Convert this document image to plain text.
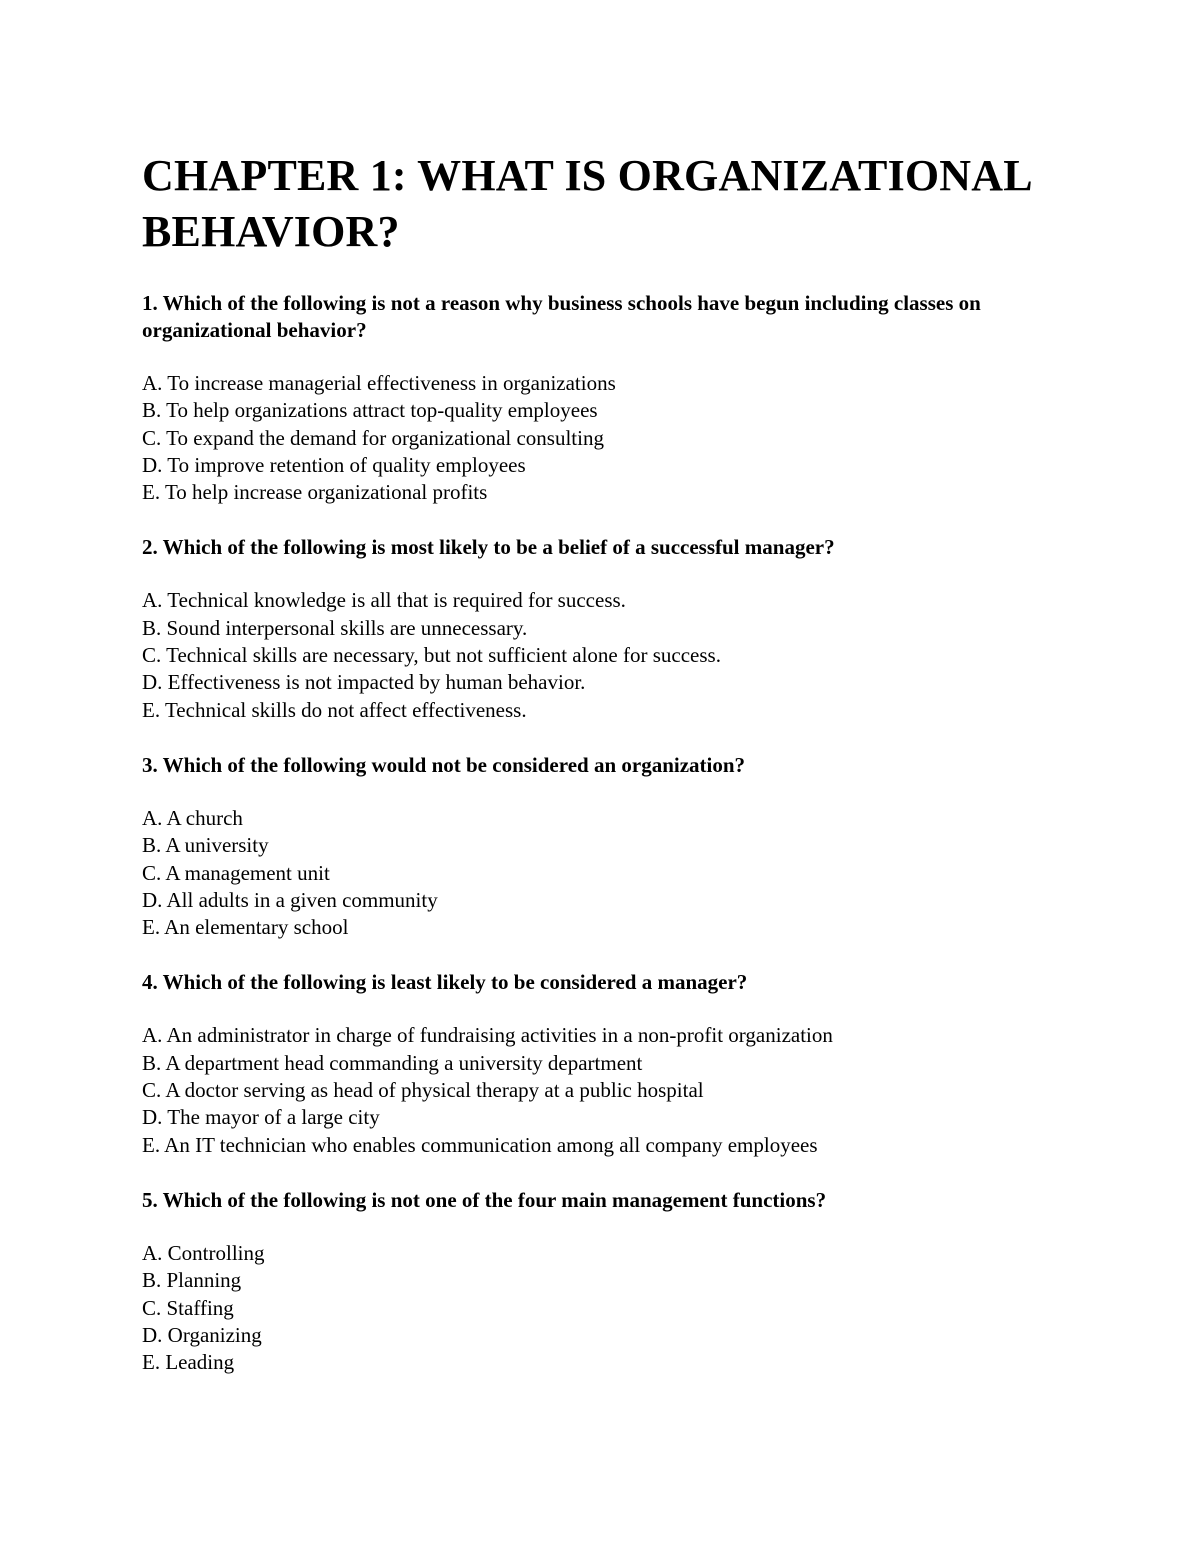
CHAPTER 1: WHAT IS ORGANIZATIONAL BEHAVIOR?

1. Which of the following is not a reason why business schools have begun including classes on organizational behavior?

A. To increase managerial effectiveness in organizations
B. To help organizations attract top-quality employees
C. To expand the demand for organizational consulting
D. To improve retention of quality employees
E. To help increase organizational profits

2. Which of the following is most likely to be a belief of a successful manager?

A. Technical knowledge is all that is required for success.
B. Sound interpersonal skills are unnecessary.
C. Technical skills are necessary, but not sufficient alone for success.
D. Effectiveness is not impacted by human behavior.
E. Technical skills do not affect effectiveness.

3. Which of the following would not be considered an organization?

A. A church
B. A university
C. A management unit
D. All adults in a given community
E. An elementary school

4. Which of the following is least likely to be considered a manager?

A. An administrator in charge of fundraising activities in a non-profit organization
B. A department head commanding a university department
C. A doctor serving as head of physical therapy at a public hospital
D. The mayor of a large city
E. An IT technician who enables communication among all company employees

5. Which of the following is not one of the four main management functions?

A. Controlling
B. Planning
C. Staffing
D. Organizing
E. Leading
